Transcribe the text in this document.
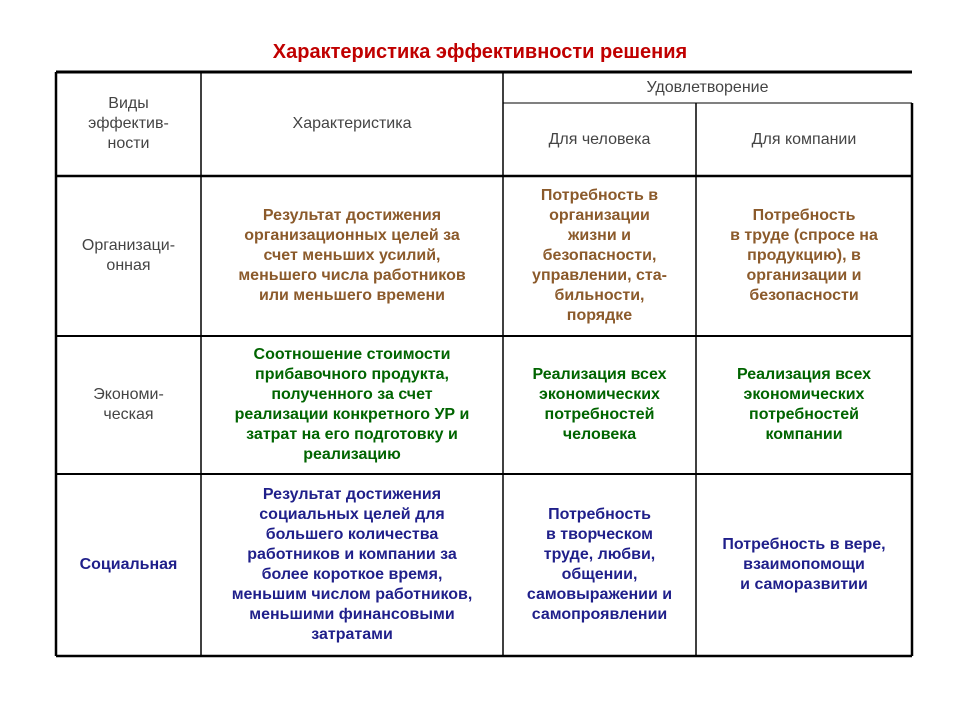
Характеристика эффективности решения
Виды
эффектив-
ности
Характеристика
Удовлетворение
Для человека	Для компании
Организаци-
онная
Результат достижения
организационных целей за
счет меньших усилий,
меньшего числа работников
или меньшего времени
Потребность в
организации
жизни и
безопасности,
управлении, ста-
бильности,
порядке
Потребность
в труде (спросе на
продукцию), в
организации и
безопасности
Экономи-
ческая
Соотношение стоимости
прибавочного продукта,
полученного за счет
реализации конкретного УР и
затрат на его подготовку и
реализацию
Реализация всех
экономических
потребностей
человека
Реализация всех
экономических
потребностей
компании
Социальная
Результат достижения
социальных целей для
большего количества
работников и компании за
более короткое время,
меньшим числом работников,
меньшими финансовыми
затратами
Потребность
в творческом
труде, любви,
общении,
самовыражении и
самопроявлении
Потребность в вере,
взаимопомощи
и саморазвитии
